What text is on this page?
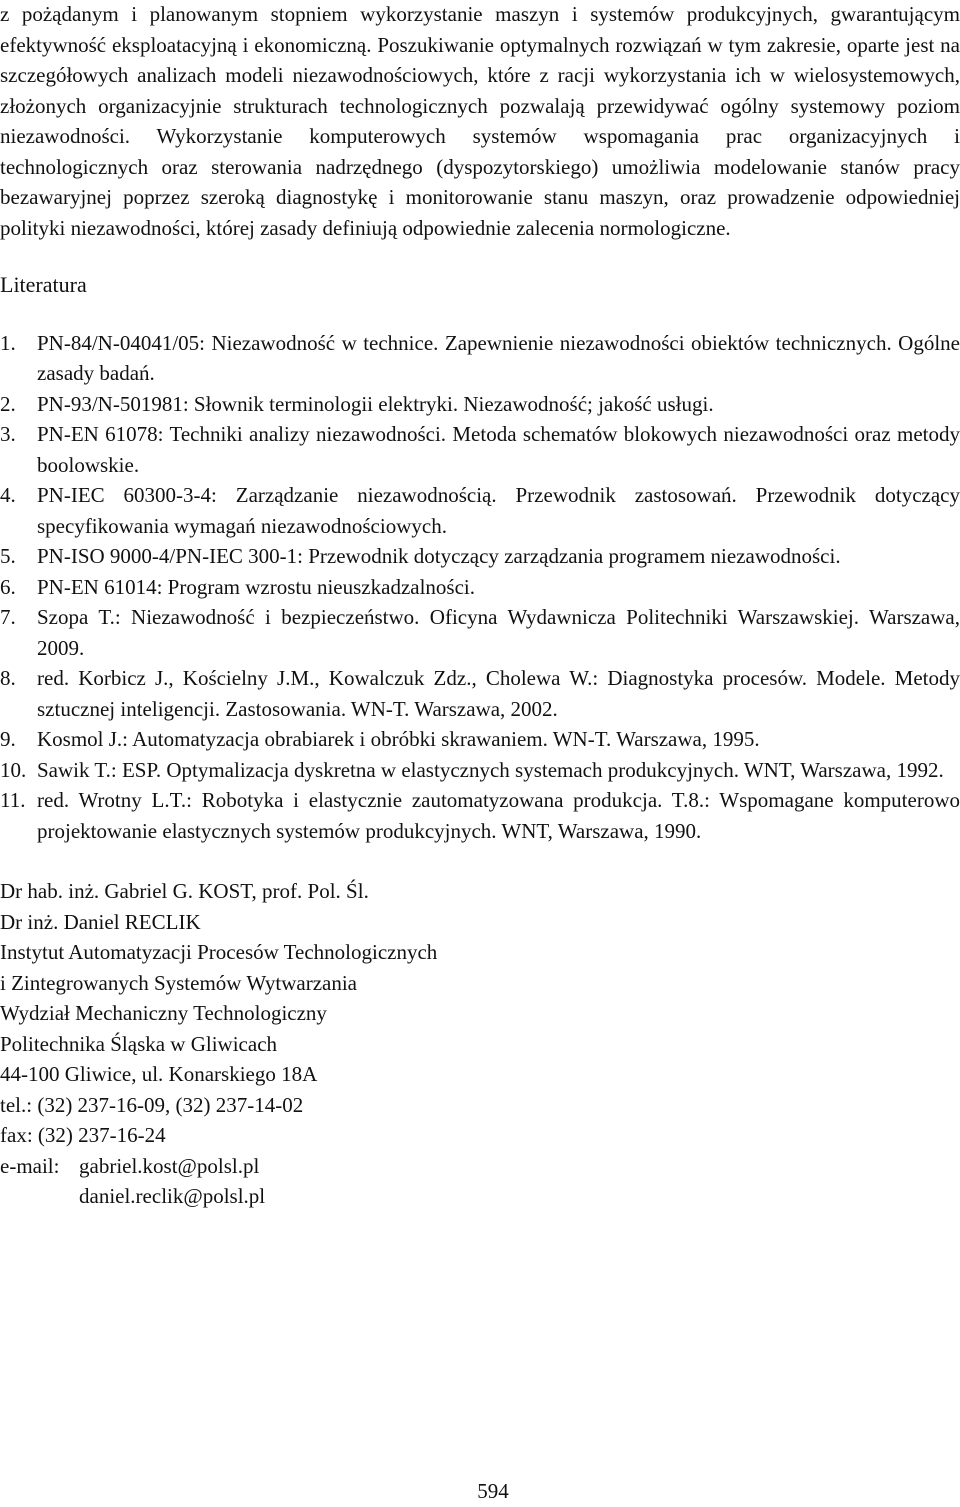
z pożądanym i planowanym stopniem wykorzystanie maszyn i systemów produkcyjnych, gwarantującym efektywność eksploatacyjną i ekonomiczną. Poszukiwanie optymalnych rozwiązań w tym zakresie, oparte jest na szczegółowych analizach modeli niezawodnościowych, które z racji wykorzystania ich w wielosystemowych, złożonych organizacyjnie strukturach technologicznych pozwalają przewidywać ogólny systemowy poziom niezawodności. Wykorzystanie komputerowych systemów wspomagania prac organizacyjnych i technologicznych oraz sterowania nadrzędnego (dyspozytorskiego) umożliwia modelowanie stanów pracy bezawaryjnej poprzez szeroką diagnostykę i monitorowanie stanu maszyn, oraz prowadzenie odpowiedniej polityki niezawodności, której zasady definiują odpowiednie zalecenia normologiczne.

Literatura
1.	PN-84/N-04041/05: Niezawodność w technice. Zapewnienie niezawodności obiektów technicznych. Ogólne zasady badań.
2.	PN-93/N-501981: Słownik terminologii elektryki. Niezawodność; jakość usługi.
3.	PN-EN 61078: Techniki analizy niezawodności. Metoda schematów blokowych niezawodności oraz metody boolowskie.
4.	PN-IEC 60300-3-4: Zarządzanie niezawodnością. Przewodnik zastosowań. Przewodnik dotyczący specyfikowania wymagań niezawodnościowych.
5.	PN-ISO 9000-4/PN-IEC 300-1: Przewodnik dotyczący zarządzania programem niezawodności.
6.	PN-EN 61014: Program wzrostu nieuszkadzalności.
7.	Szopa T.: Niezawodność i bezpieczeństwo. Oficyna Wydawnicza Politechniki Warszawskiej. Warszawa, 2009.
8.	red. Korbicz J., Kościelny J.M., Kowalczuk Zdz., Cholewa W.: Diagnostyka procesów. Modele. Metody sztucznej inteligencji. Zastosowania. WN-T. Warszawa, 2002.
9.	Kosmol J.: Automatyzacja obrabiarek i obróbki skrawaniem. WN-T. Warszawa, 1995.
10. Sawik T.: ESP. Optymalizacja dyskretna w elastycznych systemach produkcyjnych. WNT, Warszawa, 1992.
11. red. Wrotny L.T.: Robotyka i elastycznie zautomatyzowana produkcja. T.8.: Wspomagane komputerowo projektowanie elastycznych systemów produkcyjnych. WNT, Warszawa, 1990.
Dr hab. inż. Gabriel G. KOST, prof. Pol. Śl.
Dr inż. Daniel RECLIK
Instytut Automatyzacji Procesów Technologicznych
i Zintegrowanych Systemów Wytwarzania
Wydział Mechaniczny Technologiczny
Politechnika Śląska w Gliwicach
44-100 Gliwice, ul. Konarskiego 18A
tel.: (32) 237-16-09, (32) 237-14-02
fax: (32) 237-16-24
e-mail: gabriel.kost@polsl.pl
daniel.reclik@polsl.pl
594
